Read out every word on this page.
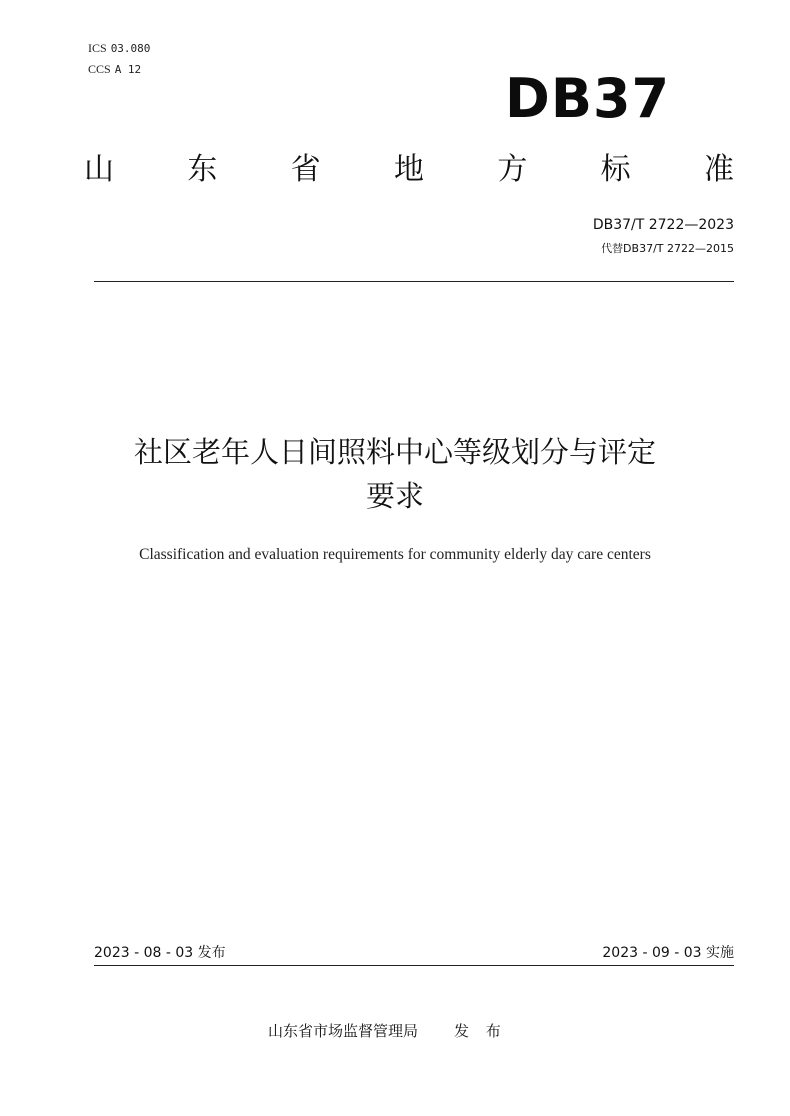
ICS 03.080
CCS A 12	DB37
山 东 省 地 方 标 准
DB37/T 2722—2023
代替DB37/T 2722—2015
社区老年人日间照料中心等级划分与评定
要求
Classification and evaluation requirements for community elderly day care centers
2023 - 08 - 03 发布	2023 - 09 - 03 实施
山东省市场监督管理局 发 布
